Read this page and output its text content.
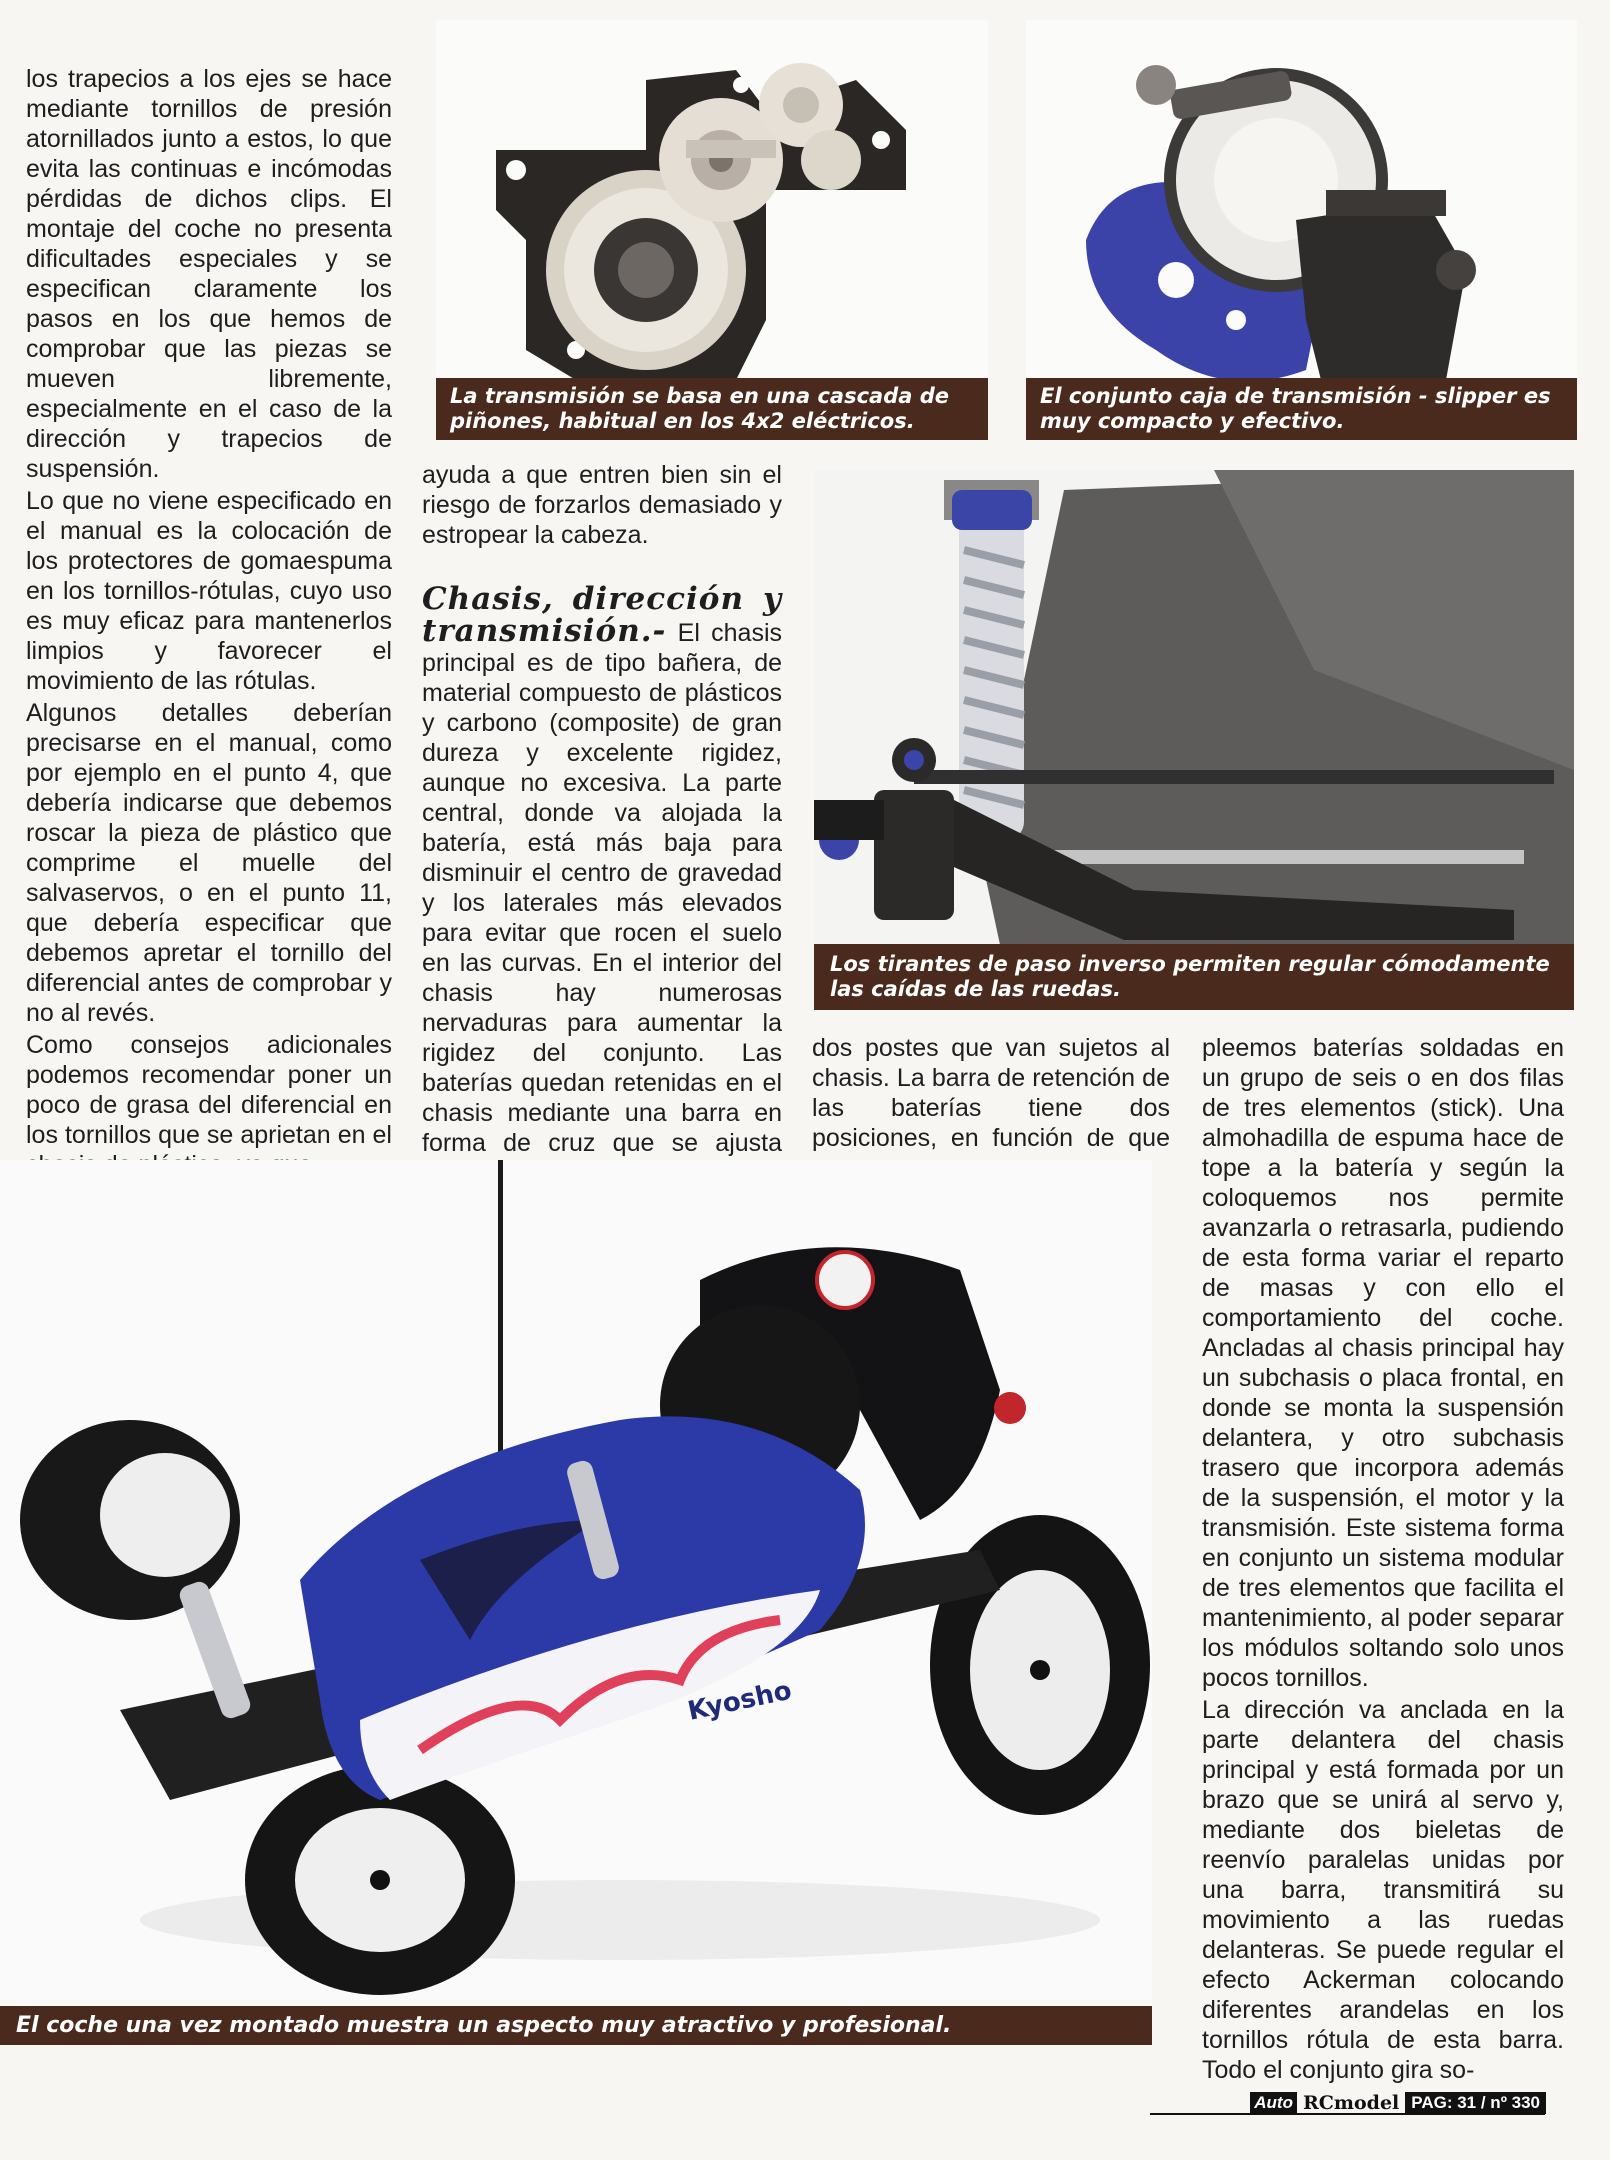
los trapecios a los ejes se hace mediante tornillos de presión atornillados junto a estos, lo que evita las continuas e incómodas pérdidas de dichos clips. El montaje del coche no presenta dificultades especiales y se especifican claramente los pasos en los que hemos de comprobar que las piezas se mueven libremente, especialmente en el caso de la dirección y trapecios de suspensión.

Lo que no viene especificado en el manual es la colocación de los protectores de gomaespuma en los tornillos-rótulas, cuyo uso es muy eficaz para mantenerlos limpios y favorecer el movimiento de las rótulas.

Algunos detalles deberían precisarse en el manual, como por ejemplo en el punto 4, que debería indicarse que debemos roscar la pieza de plástico que comprime el muelle del salvaservos, o en el punto 11, que debería especificar que debemos apretar el tornillo del diferencial antes de comprobar y no al revés.

Como consejos adicionales podemos recomendar poner un poco de grasa del diferencial en los tornillos que se aprietan en el

ayuda a que entren bien sin el riesgo de forzarlos demasiado y estropear la cabeza.

Chasis, dirección y transmisión.- El chasis principal es de tipo bañera, de material compuesto de plásticos y carbono (composite) de gran dureza y excelente rigidez, aunque no excesiva. La parte central, donde va alojada la batería, está más baja para disminuir el centro de gravedad y los laterales más elevados para evitar que rocen el suelo en las curvas. En el interior del chasis hay numerosas nervaduras para aumentar la rigidez del conjunto. Las baterías quedan retenidas en el chasis mediante una barra en forma de cruz que se ajusta

dos postes que van sujetos al chasis. La barra de retención de las baterías tiene dos posiciones, en función de que

pleemos baterías soldadas en un grupo de seis o en dos filas de tres elementos (stick). Una almohadilla de espuma hace de tope a la batería y según la coloquemos nos permite avanzarla o retrasarla, pudiendo de esta forma variar el reparto de masas y con ello el comportamiento del coche. Ancladas al chasis principal hay un subchasis o placa frontal, en donde se monta la suspensión delantera, y otro subchasis trasero que incorpora además de la suspensión, el motor y la transmisión. Este sistema forma en conjunto un sistema modular de tres elementos que facilita el mantenimiento, al poder separar los módulos soltando solo unos pocos tornillos.

La dirección va anclada en la parte delantera del chasis principal y está formada por un brazo que se unirá al servo y, mediante dos bieletas de reenvío paralelas unidas por una barra, transmitirá su movimiento a las ruedas delanteras. Se puede regular el efecto Ackerman colocando diferentes arandelas en los tornillos rótula de esta barra. Todo el conjunto gira so-

La transmisión se basa en una cascada de piñones, habitual en los 4x2 eléctricos.
El conjunto caja de transmisión - slipper es muy compacto y efectivo.
Los tirantes de paso inverso permiten regular cómodamente las caídas de las ruedas.
Kyosho
El coche una vez montado muestra un aspecto muy atractivo y profesional.
Auto RCmodel PAG: 31 / nº 330
